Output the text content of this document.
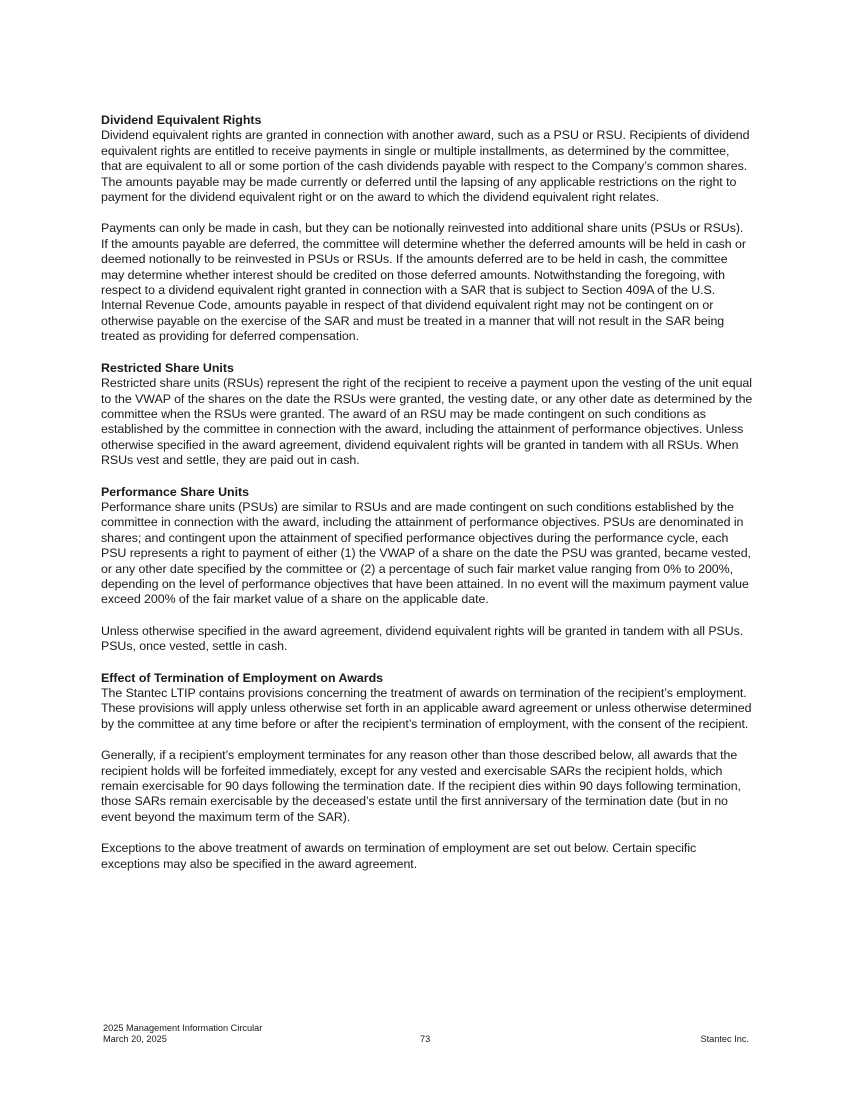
Dividend Equivalent Rights

Dividend equivalent rights are granted in connection with another award, such as a PSU or RSU. Recipients of dividend equivalent rights are entitled to receive payments in single or multiple installments, as determined by the committee, that are equivalent to all or some portion of the cash dividends payable with respect to the Company’s common shares. The amounts payable may be made currently or deferred until the lapsing of any applicable restrictions on the right to payment for the dividend equivalent right or on the award to which the dividend equivalent right relates.

Payments can only be made in cash, but they can be notionally reinvested into additional share units (PSUs or RSUs). If the amounts payable are deferred, the committee will determine whether the deferred amounts will be held in cash or deemed notionally to be reinvested in PSUs or RSUs. If the amounts deferred are to be held in cash, the committee may determine whether interest should be credited on those deferred amounts. Notwithstanding the foregoing, with respect to a dividend equivalent right granted in connection with a SAR that is subject to Section 409A of the U.S. Internal Revenue Code, amounts payable in respect of that dividend equivalent right may not be contingent on or otherwise payable on the exercise of the SAR and must be treated in a manner that will not result in the SAR being treated as providing for deferred compensation.

Restricted Share Units

Restricted share units (RSUs) represent the right of the recipient to receive a payment upon the vesting of the unit equal to the VWAP of the shares on the date the RSUs were granted, the vesting date, or any other date as determined by the committee when the RSUs were granted. The award of an RSU may be made contingent on such conditions as established by the committee in connection with the award, including the attainment of performance objectives. Unless otherwise specified in the award agreement, dividend equivalent rights will be granted in tandem with all RSUs. When RSUs vest and settle, they are paid out in cash.

Performance Share Units

Performance share units (PSUs) are similar to RSUs and are made contingent on such conditions established by the committee in connection with the award, including the attainment of performance objectives. PSUs are denominated in shares; and contingent upon the attainment of specified performance objectives during the performance cycle, each PSU represents a right to payment of either (1) the VWAP of a share on the date the PSU was granted, became vested, or any other date specified by the committee or (2) a percentage of such fair market value ranging from 0% to 200%, depending on the level of performance objectives that have been attained. In no event will the maximum payment value exceed 200% of the fair market value of a share on the applicable date.

Unless otherwise specified in the award agreement, dividend equivalent rights will be granted in tandem with all PSUs. PSUs, once vested, settle in cash.

Effect of Termination of Employment on Awards

The Stantec LTIP contains provisions concerning the treatment of awards on termination of the recipient’s employment. These provisions will apply unless otherwise set forth in an applicable award agreement or unless otherwise determined by the committee at any time before or after the recipient’s termination of employment, with the consent of the recipient.

Generally, if a recipient’s employment terminates for any reason other than those described below, all awards that the recipient holds will be forfeited immediately, except for any vested and exercisable SARs the recipient holds, which remain exercisable for 90 days following the termination date. If the recipient dies within 90 days following termination, those SARs remain exercisable by the deceased’s estate until the first anniversary of the termination date (but in no event beyond the maximum term of the SAR).

Exceptions to the above treatment of awards on termination of employment are set out below. Certain specific exceptions may also be specified in the award agreement.

2025 Management Information Circular
March 20, 2025	73	Stantec Inc.
